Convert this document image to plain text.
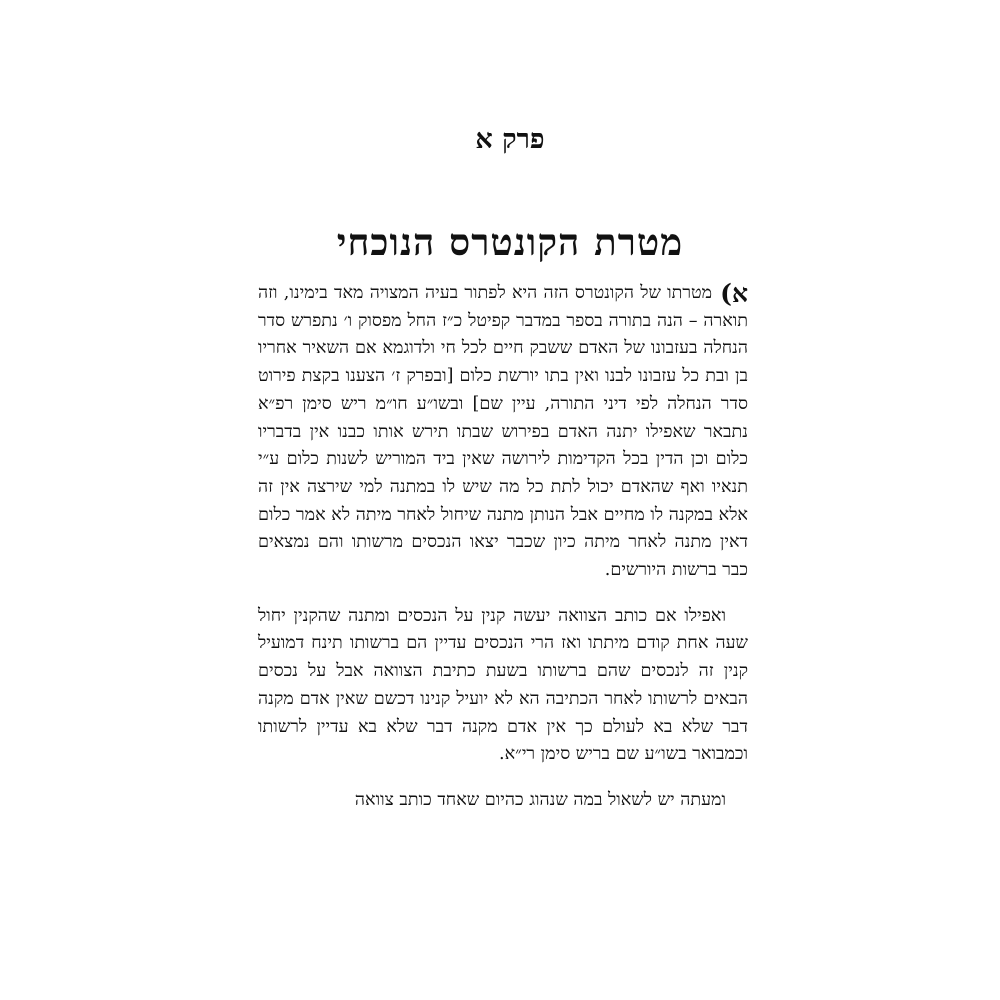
פרק א
מטרת הקונטרס הנוכחי

א)
מטרתו של הקונטרס הזה היא לפתור בעיה המצויה מאד בימינו, וזה תוארה – הנה בתורה בספר במדבר קפיטל כ״ז החל מפסוק ו׳ נתפרש סדר הנחלה בעזבונו של האדם ששבק חיים לכל חי ולדוגמא אם השאיר אחריו בן ובת כל עזבונו לבנו ואין בתו יורשת כלום [ובפרק ז׳ הצענו בקצת פירוט סדר הנחלה לפי דיני התורה, עיין שם] ובשו״ע חו״מ ריש סימן רפ״א נתבאר שאפילו יתנה האדם בפירוש שבתו תירש אותו כבנו אין בדבריו כלום וכן הדין בכל הקדימות לירושה שאין ביד המוריש לשנות כלום ע״י תנאיו ואף שהאדם יכול לתת כל מה שיש לו במתנה למי שירצה אין זה אלא במקנה לו מחיים אבל הנותן מתנה שיחול לאחר מיתה לא אמר כלום דאין מתנה לאחר מיתה כיון שכבר יצאו הנכסים מרשותו והם נמצאים כבר ברשות היורשים.

ואפילו אם כותב הצוואה יעשה קנין על הנכסים ומתנה שהקנין יחול שעה אחת קודם מיתתו ואז הרי הנכסים עדיין הם ברשותו תינח דמועיל קנין זה לנכסים שהם ברשותו בשעת כתיבת הצוואה אבל על נכסים הבאים לרשותו לאחר הכתיבה הא לא יועיל קנינו דכשם שאין אדם מקנה דבר שלא בא לעולם כך אין אדם מקנה דבר שלא בא עדיין לרשותו וכמבואר בשו״ע שם בריש סימן רי״א.

ומעתה יש לשאול במה שנהוג כהיום שאחד כותב צוואה
